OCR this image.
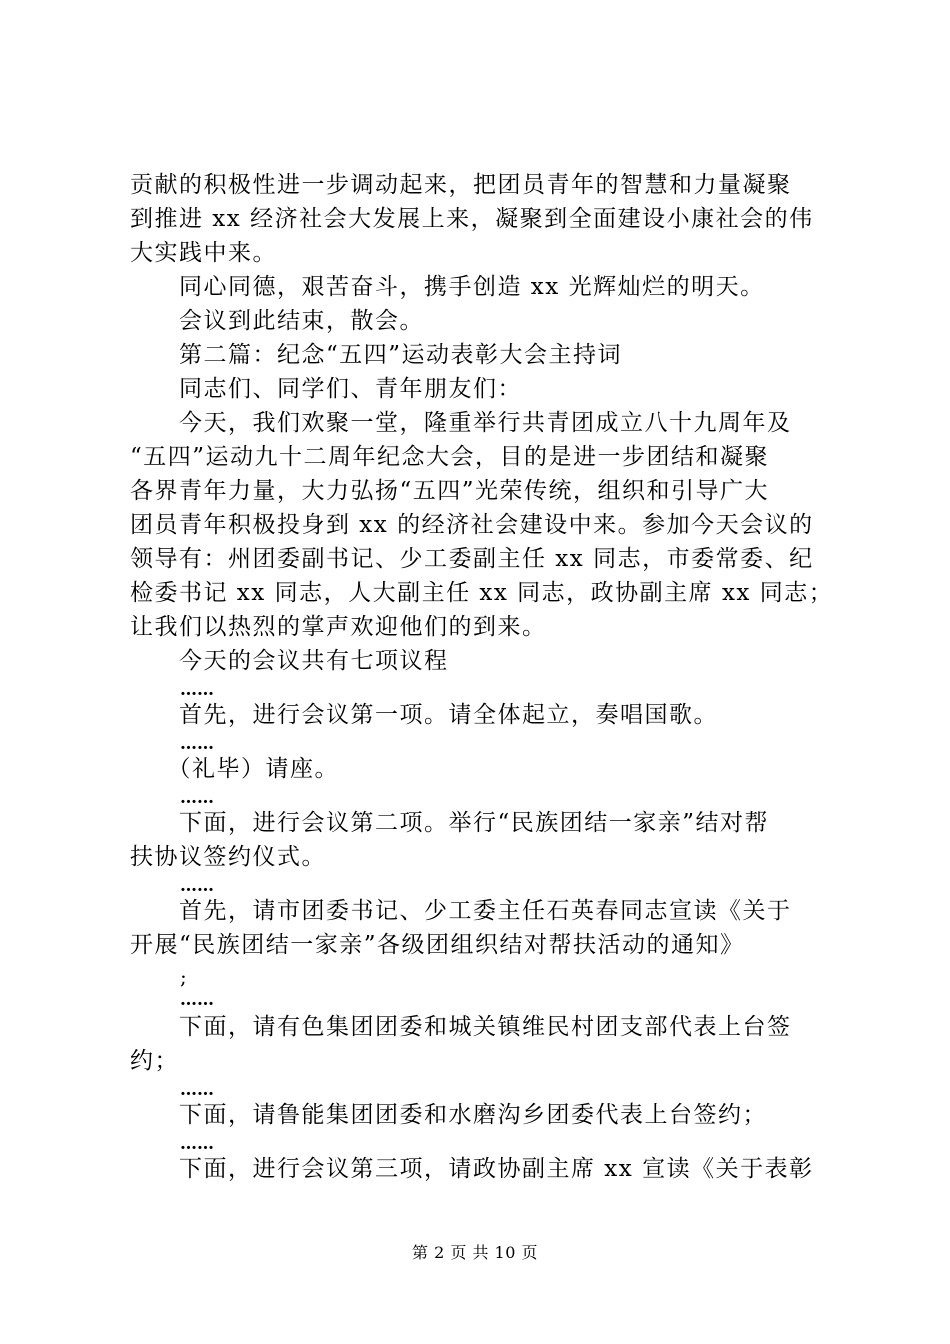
贡献的积极性进一步调动起来，把团员青年的智慧和力量凝聚
到推进 xx 经济社会大发展上来，凝聚到全面建设小康社会的伟
大实践中来。
　　同心同德，艰苦奋斗，携手创造 xx 光辉灿烂的明天。
　　会议到此结束，散会。
　　第二篇：纪念“五四”运动表彰大会主持词
　　同志们、同学们、青年朋友们：
　　今天，我们欢聚一堂，隆重举行共青团成立八十九周年及
“五四”运动九十二周年纪念大会，目的是进一步团结和凝聚
各界青年力量，大力弘扬“五四”光荣传统，组织和引导广大
团员青年积极投身到 xx 的经济社会建设中来。参加今天会议的
领导有：州团委副书记、少工委副主任 xx 同志，市委常委、纪
检委书记 xx 同志，人大副主任 xx 同志，政协副主席 xx 同志；
让我们以热烈的掌声欢迎他们的到来。
　　今天的会议共有七项议程
……
　　首先，进行会议第一项。请全体起立，奏唱国歌。
……
　　（礼毕）请座。
……
　　下面，进行会议第二项。举行“民族团结一家亲”结对帮
扶协议签约仪式。
……
　　首先，请市团委书记、少工委主任石英春同志宣读《关于
开展“民族团结一家亲”各级团组织结对帮扶活动的通知》
;
……
　　下面，请有色集团团委和城关镇维民村团支部代表上台签
约；
……
　　下面，请鲁能集团团委和水磨沟乡团委代表上台签约；
……
　　下面，进行会议第三项，请政协副主席 xx 宣读《关于表彰
第 2 页 共 10 页
